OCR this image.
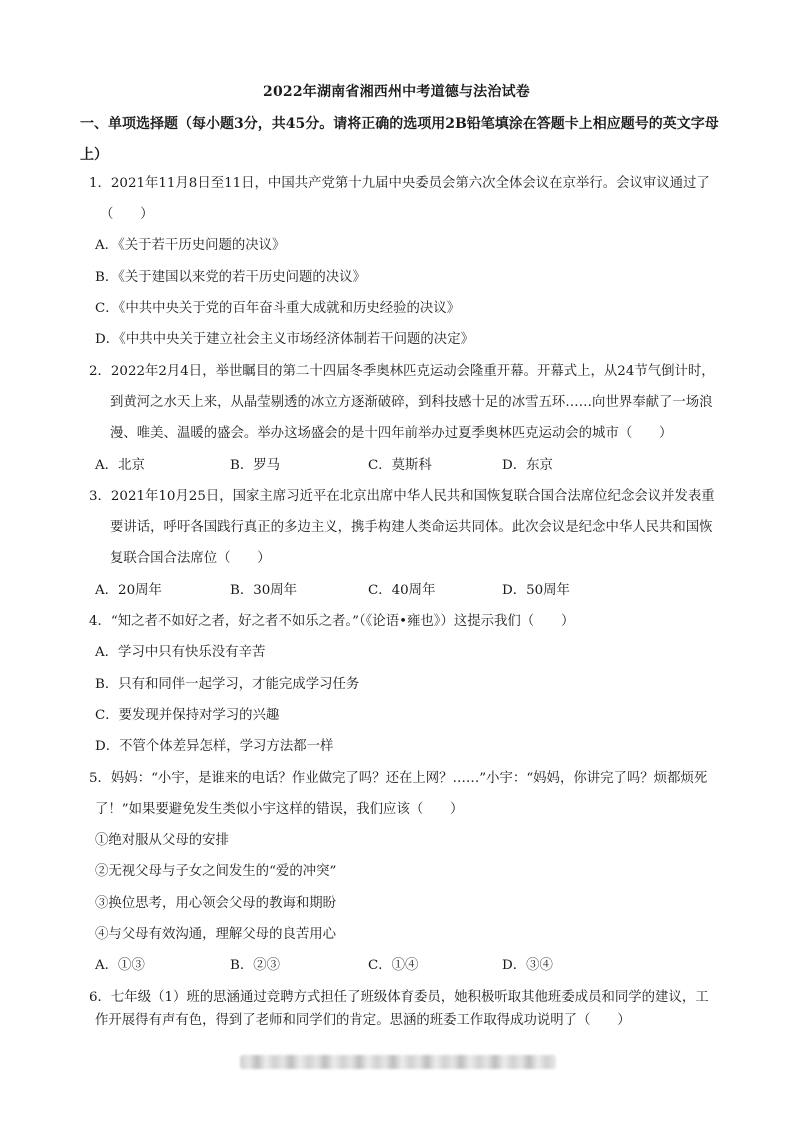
2022年湖南省湘西州中考道德与法治试卷
一、单项选择题（每小题3分，共45分。请将正确的选项用2B铅笔填涂在答题卡上相应题号的英文字母上）
1．2021年11月8日至11日，中国共产党第十九届中央委员会第六次全体会议在京举行。会议审议通过了
（　　）
A．《关于若干历史问题的决议》
B．《关于建国以来党的若干历史问题的决议》
C．《中共中央关于党的百年奋斗重大成就和历史经验的决议》
D．《中共中央关于建立社会主义市场经济体制若干问题的决定》
2．2022年2月4日，举世瞩目的第二十四届冬季奥林匹克运动会隆重开幕。开幕式上，从24节气倒计时，
到黄河之水天上来，从晶莹剔透的冰立方逐渐破碎，到科技感十足的冰雪五环……向世界奉献了一场浪
漫、唯美、温暖的盛会。举办这场盛会的是十四年前举办过夏季奥林匹克运动会的城市（　　）
A．北京	B．罗马	C．莫斯科	D．东京
3．2021年10月25日，国家主席习近平在北京出席中华人民共和国恢复联合国合法席位纪念会议并发表重
要讲话，呼吁各国践行真正的多边主义，携手构建人类命运共同体。此次会议是纪念中华人民共和国恢
复联合国合法席位（　　）
A．20周年	B．30周年	C．40周年	D．50周年
4．“知之者不如好之者，好之者不如乐之者。”（《论语•雍也》）这提示我们（　　）
A．学习中只有快乐没有辛苦
B．只有和同伴一起学习，才能完成学习任务
C．要发现并保持对学习的兴趣
D．不管个体差异怎样，学习方法都一样
5．妈妈：“小宇，是谁来的电话？作业做完了吗？还在上网？……”小宇：“妈妈，你讲完了吗？烦都烦死
了！”如果要避免发生类似小宇这样的错误，我们应该（　　）
①绝对服从父母的安排
②无视父母与子女之间发生的“爱的冲突”
③换位思考，用心领会父母的教诲和期盼
④与父母有效沟通，理解父母的良苦用心
A．①③	B．②③	C．①④	D．③④
6．七年级（1）班的思涵通过竞聘方式担任了班级体育委员，她积极听取其他班委成员和同学的建议，工
作开展得有声有色，得到了老师和同学们的肯定。思涵的班委工作取得成功说明了（　　）
